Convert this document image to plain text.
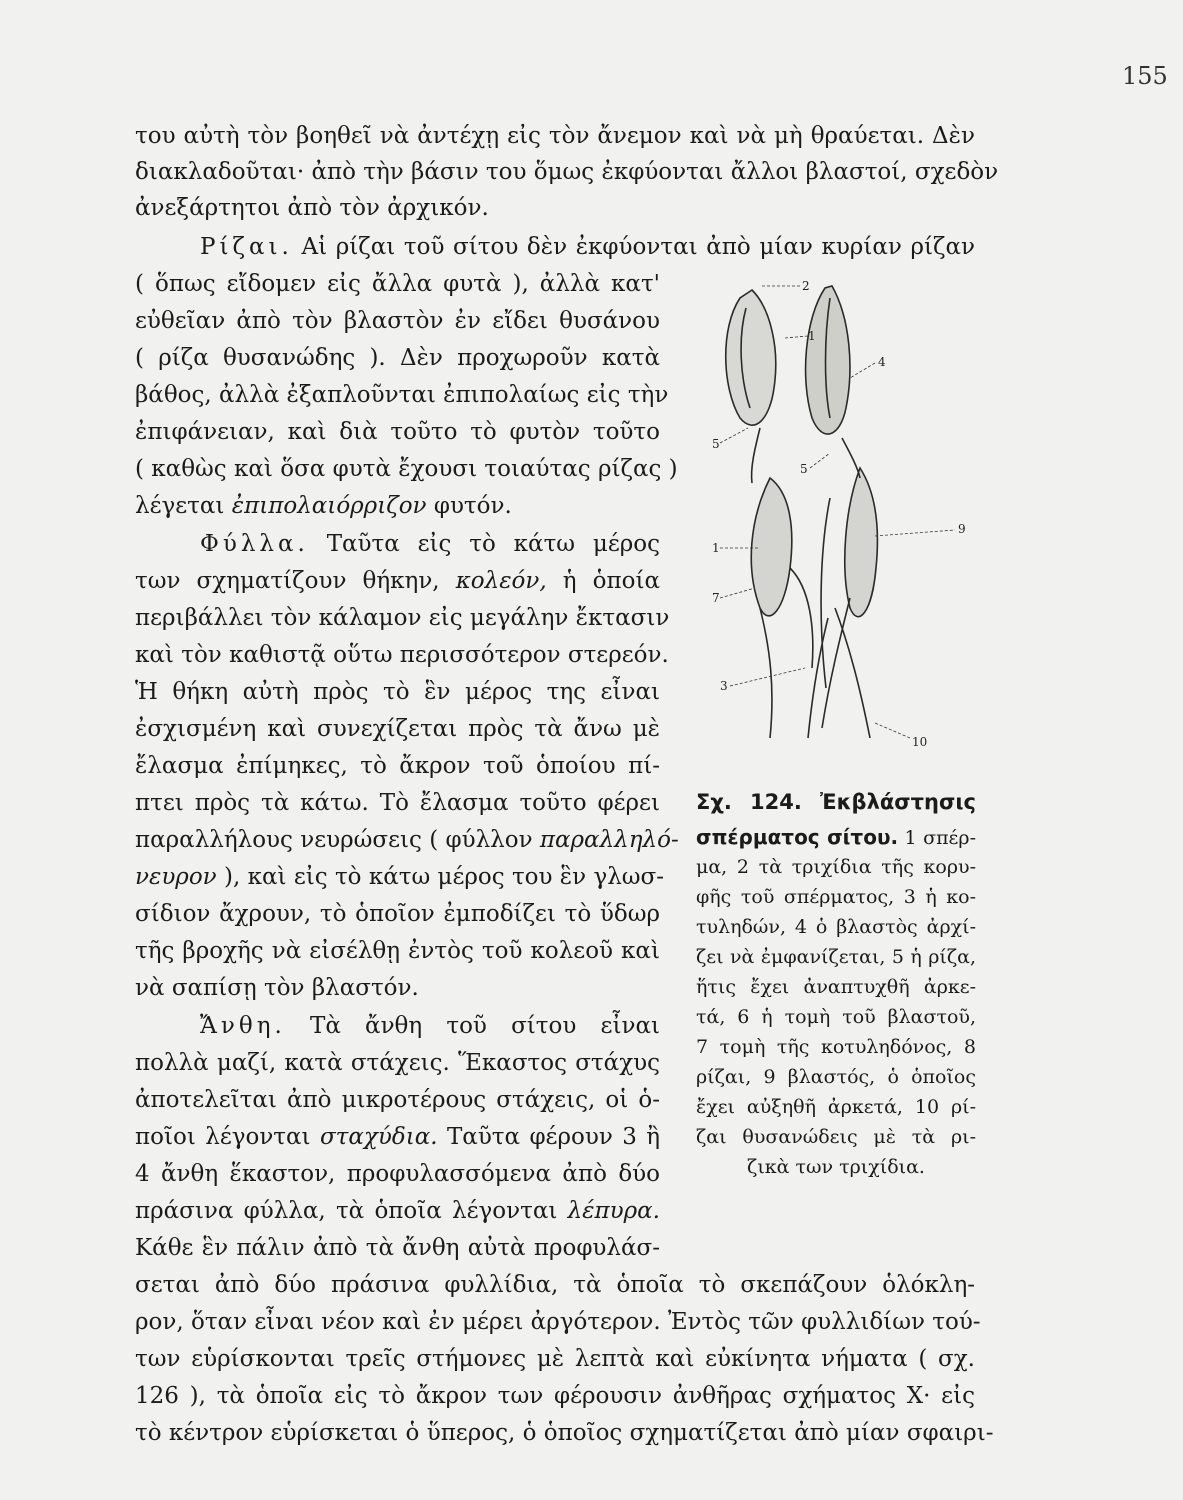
155
του αὐτὴ τὸν βοηθεῖ νὰ ἀντέχῃ εἰς τὸν ἄνεμον καὶ νὰ μὴ θραύεται. Δὲν
διακλαδοῦται· ἀπὸ τὴν βάσιν του ὅμως ἐκφύονται ἄλλοι βλαστοί, σχεδὸν
ἀνεξάρτητοι ἀπὸ τὸν ἀρχικόν.
Ρίζαι. Αἱ ρίζαι τοῦ σίτου δὲν ἐκφύονται ἀπὸ μίαν κυρίαν ρίζαν
( ὅπως εἴδομεν εἰς ἄλλα φυτὰ ), ἀλλὰ κατ'
εὐθεῖαν ἀπὸ τὸν βλαστὸν ἐν εἴδει θυσάνου
( ρίζα θυσανώδης ). Δὲν προχωροῦν κατὰ
βάθος, ἀλλὰ ἐξαπλοῦνται ἐπιπολαίως εἰς τὴν
ἐπιφάνειαν, καὶ διὰ τοῦτο τὸ φυτὸν τοῦτο
( καθὼς καὶ ὅσα φυτὰ ἔχουσι τοιαύτας ρίζας )
λέγεται ἐπιπολαιόρριζον φυτόν.
Φύλλα. Ταῦτα εἰς τὸ κάτω μέρος
των σχηματίζουν θήκην, κολεόν, ἡ ὁποία
περιβάλλει τὸν κάλαμον εἰς μεγάλην ἔκτασιν
καὶ τὸν καθιστᾷ οὕτω περισσότερον στερεόν.
Ἡ θήκη αὐτὴ πρὸς τὸ ἓν μέρος της εἶναι
ἐσχισμένη καὶ συνεχίζεται πρὸς τὰ ἄνω μὲ
ἔλασμα ἐπίμηκες, τὸ ἄκρον τοῦ ὁποίου πί-
πτει πρὸς τὰ κάτω. Τὸ ἔλασμα τοῦτο φέρει
παραλλήλους νευρώσεις ( φύλλον παραλληλό-
νευρον ), καὶ εἰς τὸ κάτω μέρος του ἓν γλωσ-
σίδιον ἄχρουν, τὸ ὁποῖον ἐμποδίζει τὸ ὕδωρ
τῆς βροχῆς νὰ εἰσέλθῃ ἐντὸς τοῦ κολεοῦ καὶ
νὰ σαπίσῃ τὸν βλαστόν.
Ἄνθη. Τὰ ἄνθη τοῦ σίτου εἶναι
πολλὰ μαζί, κατὰ στάχεις. Ἕκαστος στάχυς
ἀποτελεῖται ἀπὸ μικροτέρους στάχεις, οἱ ὁ-
ποῖοι λέγονται σταχύδια. Ταῦτα φέρουν 3 ἢ
4 ἄνθη ἕκαστον, προφυλασσόμενα ἀπὸ δύο
πράσινα φύλλα, τὰ ὁποῖα λέγονται λέπυρα.
Κάθε ἓν πάλιν ἀπὸ τὰ ἄνθη αὐτὰ προφυλάσ-
σεται ἀπὸ δύο πράσινα φυλλίδια, τὰ ὁποῖα τὸ σκεπάζουν ὁλόκλη-
ρον, ὅταν εἶναι νέον καὶ ἐν μέρει ἀργότερον. Ἐντὸς τῶν φυλλιδίων τού-
των εὑρίσκονται τρεῖς στήμονες μὲ λεπτὰ καὶ εὐκίνητα νήματα ( σχ.
126 ), τὰ ὁποῖα εἰς τὸ ἄκρον των φέρουσιν ἀνθῆρας σχήματος Χ· εἰς
τὸ κέντρον εὑρίσκεται ὁ ὕπερος, ὁ ὁποῖος σχηματίζεται ἀπὸ μίαν σφαιρι-
2
1
4
5
5
9
1
7
3
10
Σχ. 124. Ἐκβλάστησις
σπέρματος σίτου. 1 σπέρ-
μα, 2 τὰ τριχίδια τῆς κορυ-
φῆς τοῦ σπέρματος, 3 ἡ κο-
τυληδών, 4 ὁ βλαστὸς ἀρχί-
ζει νὰ ἐμφανίζεται, 5 ἡ ρίζα,
ἥτις ἔχει ἀναπτυχθῆ ἀρκε-
τά, 6 ἡ τομὴ τοῦ βλαστοῦ,
7 τομὴ τῆς κοτυληδόνος, 8
ρίζαι, 9 βλαστός, ὁ ὁποῖος
ἔχει αὐξηθῆ ἀρκετά, 10 ρί-
ζαι θυσανώδεις μὲ τὰ ρι-
ζικὰ των τριχίδια.
